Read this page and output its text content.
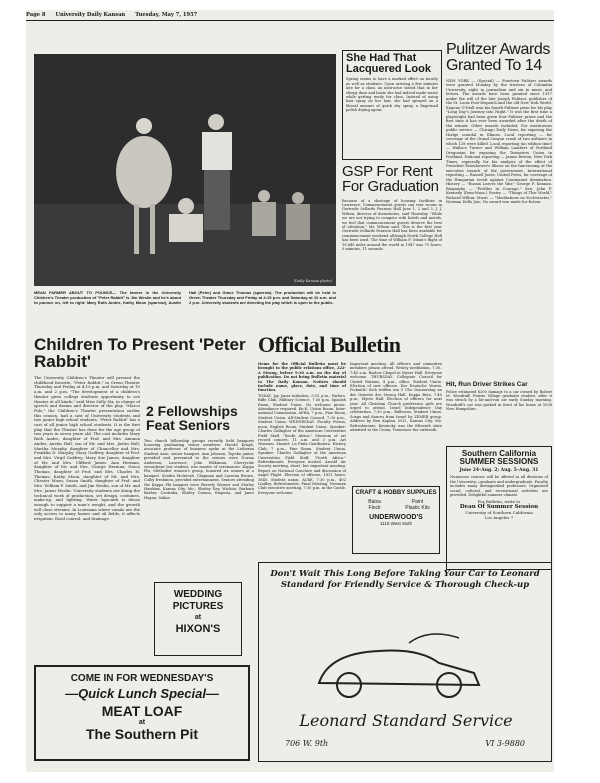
Page 8 University Daily Kansan Tuesday, May 7, 1957
(Daily Kansan photo)
MEAN FARMER ABOUT TO POUNCE— The farmer in the University Children's Theater production of "Peter Rabbit" is Jim Weslin and he's about to pounce on, left to right: Mary Ruth Andes, Kathy Moon (sparrow), Austin Hall (Peter) and Grace Thomas (sparrow). The production will be held in Green Theater Thursday and Friday at 4:15 p.m. and Saturday at 10 a.m. and 2 p.m. University students are directing the play which is open to the public.
She Had That Lacquered Look
Spring seems to have a marked effect on faculty as well as students. Upon arriving a few minutes late for a class, an instructor stated that in her sleepy daze and haste she had indeed made waste while getting ready for class. Instead of using hair spray on her hair, she had sprayed on a liberal amount of quick dry spray, a fingernail polish drying agent.
GSP For Rent For Graduation
Because of a shortage of housing facilities in Lawrence, Commencement guests can rent rooms in Gertrude Sellards Pearson Hall June 1, 2 and 3, J. J. Wilson, director of dormitories, said Thursday. "While we are not trying to compete with hotels and motels, we feel that commencement guests deserve the best of attention," Mr. Wilson said. This is the first year Gertrude Sellards Pearson Hall has been available for commencement weekend although North College Hall has been used. The time of William F. Odom's flight of 19,645 miles around the world in 1947 was 75 hours, 5 minutes, 11 seconds.
Pulitzer Awards Granted To 14
NEW YORK — (Special) — Fourteen Pulitzer awards were granted Monday by the trustees of Columbia University, eight in journalism and six in music and letters. The awards have been granted since 1917 under the will of the late Joseph Pulitzer, publisher of the St. Louis Post-Dispatch and the old New York World. Eugene O'Neill won his fourth Pulitzer prize for his play "Long Day's Journey into Night." It was the first time a playwright had been given four Pulitzer prizes and the first time it has ever been awarded after the death of the winner. Other awards included, For meritorious public service — Chicago Daily News, for exposing the Hodge scandal in Illinois. Local reporting — for coverage of the Grand Canyon crash of two airliners in which 128 were killed. Local reporting (no edition time) — Wallace Turner and William Lambert of Portland Oregonian for exposing the Teamsters Union in Portland. National reporting — James Reston, New York Times, especially for his analysis of the effect of President Eisenhower's illness on the functioning of the executive branch of the government. International reporting — Russell Jones, United Press, for coverage of the Hungarian revolt against Communist domination. History — "Russia Leaves the War," George F. Kennan. Biography — "Profiles in Courage," Sen. John F. Kennedy (Dem-Mass.) Poetry — "Things of This World," Richard Wilbur. Music — "Meditations on Ecclesiastes," Norman Dello Joio. No award was made for fiction.
Hit, Run Driver Strikes Car
Police estimated $200 damage to a car owned by Robert M. Woodruff, Prairie Village graduate student, after it was struck by a hit-and-run car early Sunday morning. Woodruff's car was parked in front of his home at 1038 New Hampshire.
Children To Present 'Peter Rabbit'
The University Children's Theater will present the childhood favorite, "Peter Rabbit," in Green Theater Thursday and Friday at 4:15 p.m. and Saturday at 10 a.m. and 2 p.m. "The development of a children's theater gives college students opportunity to see theater at all kinds," said Miss Sally Six, in charge of speech and drama and director of the play. "Marco Polo," the Children's Theater presentation earlier this season, had a cast of University students and two junior high school students. "Peter Rabbit" has a cast of all junior high school students. It is the first play that the Theater has done for the age group of two years in seven years old. The cast includes Mary Ruth Andes, daughter of Prof. and Mrs. Ammon Andes; Austin Hall, son of Mr. and Mrs. Justin Hall; Martha Murphy, daughter of Chancellor and Mrs. Franklin D. Murphy; Mary Godfrey, daughter of Prof. and Mrs. Virgil Godfrey; Mary Sue James, daughter of Mr. and Mrs. Clifford James. Ann Herman, daughter of Mr. and Mrs. George Herman; Grace Thomas, daughter of Prof. and Mrs. Charles H. Thomas; Kathy Moon, daughter of Mr. and Mrs. Chester Moon; Susan Smith, daughter of Prof. and Mrs. William P. Smith, and Jim Weslin, son of Mr. and Mrs. James Weslin. University students are doing the technical work of production, set design, costumes, make-up, and lighting. Water hyacinth is dense enough to support a man's weight, and the growth will close streams. In Louisiana where canals are the only access to many homes and oil fields, it affects irrigation, flood control, and drainage.
2 Fellowships Feat Seniors
Two church fellowship groups recently held banquets honoring graduating senior members. Harold Krugh, associate professor of business spoke at the Lutheran Student Assn. senior banquet. Ann Johnson, Topeka junior, presided and presented to the seniors were Norma Anderson, Lawrence, John Wilkinson, Cherryvale secondyear law student, was master of ceremonies. Kappa Phi, Methodist women's group, honored six seniors at a banquet. Sondra McIntosh, Chapman and Laverna Brown, Colby freshmen, provided entertainment. Seniors attending the Kappa Phi banquet were Beverly Warner and Shirley Hawkins, Kansas City, Mo.; Shirley Dey, Wichita; Barbara Barber, Centralia; Shirley Carson, Emporia, and Janet Hogan, Salina.
WEDDING
PICTURES
at
HIXON'S
COME IN FOR WEDNESDAY'S
—Quick Lunch Special—
MEAT LOAF
at
The Southern Pit
Official Bulletin

Items for the Official Bulletin must be brought to the public relations office, 222-A Strong, before 9:30 a.m. on the day of publication. Do not bring Bulletin material to The Daily Kansan. Notices should include name, place, date, and time of function.

TODAY. Jay Janes initiation, 5:15 p.m., Parlors. Rifle Club, Military Science, 7:30 p.m. Spanish Room, Student Union. No welcome picnic. Attendance required. Ku-K. Union Room. Inter-national Commission. APHA, 7 p.m., Pine Room, Student Union. All-Student Council, 7:30 p.m., Student Union. WEDNESDAY. Faculty Forum, noon, English Room, Student Union. Speaker: Charles Gallagher of the American Universities Field Staff, "South Africa." Museum of art record concert, 11 a.m. and 3 p.m. Art Museum. Mozart: La Finta Giardiniera. History Club, 7 p.m., Pine Room. Student Union. Speaker: Charles Gallagher of the American Universities Field Staff, "North Africa." Refreshments. Everyone invited. Arnold Air Society meeting, short, but important meeting. Report on National Conclave and discussion of Angel Flight. Election of officers, 1811 hours. 5845. Student union. AChE, 7:30 p.m., 402 Lindley. Refreshments. Final Meeting. Newman Club executive meeting, 7:30 p.m. in the Castle. Everyone welcome.

Important meeting. All officers and committee members please attend. Wesley meditation, 7:30–7:45 a.m. Barlow Chapel in Myers Hall. Everyone welcome. THURSDAY. Collegiate Council for United Nations, 4 p.m., office, Student Union. Election of new officers. Der Deutsche Verein. Picknick! Sich treffen um 5 Uhr Donnerstag an der Ostseite des Strong Hall. Kappa Beta, 7:45 p.m., Myers Hall. Election of officers for next year. All Christian Church preference girls are urged to attend. Israel Independence Day celebration, 7:30 p.m., Ballroom, Student Union. Songs and dances from Israel by ZEMER group. Address by Ben Kaplan, M.D., Kansas City, Mo. Refreshments. Kentucky was the fifteenth state admitted to the Union; Tennessee the sixteenth.
CRAFT & HOBBY SUPPLIES
Balsa	Paint
Flock	Plastic Kits
UNDERWOOD'S
1115 West Sixth
Southern California SUMMER SESSIONS
June 24–Aug. 2; Aug. 5–Aug. 31
Numerous courses will be offered in all divisions of the University—graduate and undergraduate. Faculty includes many distinguished professors. Organized social, cultural, and recreational activities are provided. Delightful summer climate.
For Bulletin, write to
Dean Of Summer Session
University of Southern California
Los Angeles 7
Don't Wait This Long Before Taking Your Car to Leonard Standard for Friendly Service & Thorough Check-up
Leonard Standard Service
706 W. 9th	VI 3-9880
